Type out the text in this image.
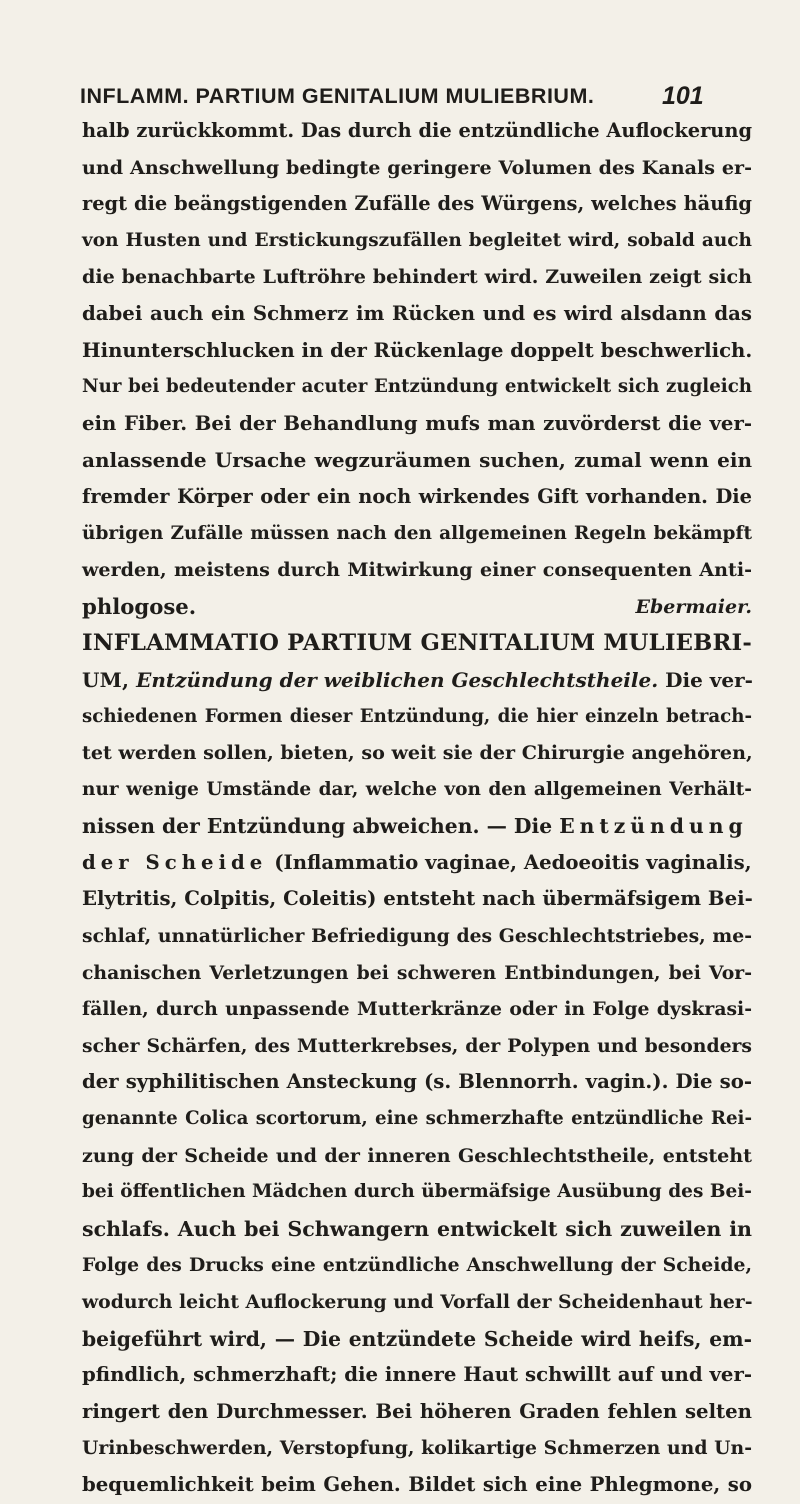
INFLAMM. PARTIUM GENITALIUM MULIEBRIUM.	101
halb zurückkommt. Das durch die entzündliche Auflockerung
und Anschwellung bedingte geringere Volumen des Kanals er-
regt die beängstigenden Zufälle des Würgens, welches häufig
von Husten und Erstickungszufällen begleitet wird, sobald auch
die benachbarte Luftröhre behindert wird. Zuweilen zeigt sich
dabei auch ein Schmerz im Rücken und es wird alsdann das
Hinunterschlucken in der Rückenlage doppelt beschwerlich.
Nur bei bedeutender acuter Entzündung entwickelt sich zugleich
ein Fiber. Bei der Behandlung mufs man zuvörderst die ver-
anlassende Ursache wegzuräumen suchen, zumal wenn ein
fremder Körper oder ein noch wirkendes Gift vorhanden. Die
übrigen Zufälle müssen nach den allgemeinen Regeln bekämpft
werden, meistens durch Mitwirkung einer consequenten Anti-
phlogose.	Ebermaier.
INFLAMMATIO PARTIUM GENITALIUM MULIEBRI-
UM, Entzündung der weiblichen Geschlechtstheile. Die ver-
schiedenen Formen dieser Entzündung, die hier einzeln betrach-
tet werden sollen, bieten, so weit sie der Chirurgie angehören,
nur wenige Umstände dar, welche von den allgemeinen Verhält-
nissen der Entzündung abweichen. — Die Entzündung
der Scheide (Inflammatio vaginae, Aedoeoitis vaginalis,
Elytritis, Colpitis, Coleitis) entsteht nach übermäfsigem Bei-
schlaf, unnatürlicher Befriedigung des Geschlechtstriebes, me-
chanischen Verletzungen bei schweren Entbindungen, bei Vor-
fällen, durch unpassende Mutterkränze oder in Folge dyskrasi-
scher Schärfen, des Mutterkrebses, der Polypen und besonders
der syphilitischen Ansteckung (s. Blennorrh. vagin.). Die so-
genannte Colica scortorum, eine schmerzhafte entzündliche Rei-
zung der Scheide und der inneren Geschlechtstheile, entsteht
bei öffentlichen Mädchen durch übermäfsige Ausübung des Bei-
schlafs. Auch bei Schwangern entwickelt sich zuweilen in
Folge des Drucks eine entzündliche Anschwellung der Scheide,
wodurch leicht Auflockerung und Vorfall der Scheidenhaut her-
beigeführt wird, — Die entzündete Scheide wird heifs, em-
pfindlich, schmerzhaft; die innere Haut schwillt auf und ver-
ringert den Durchmesser. Bei höheren Graden fehlen selten
Urinbeschwerden, Verstopfung, kolikartige Schmerzen und Un-
bequemlichkeit beim Gehen. Bildet sich eine Phlegmone, so
